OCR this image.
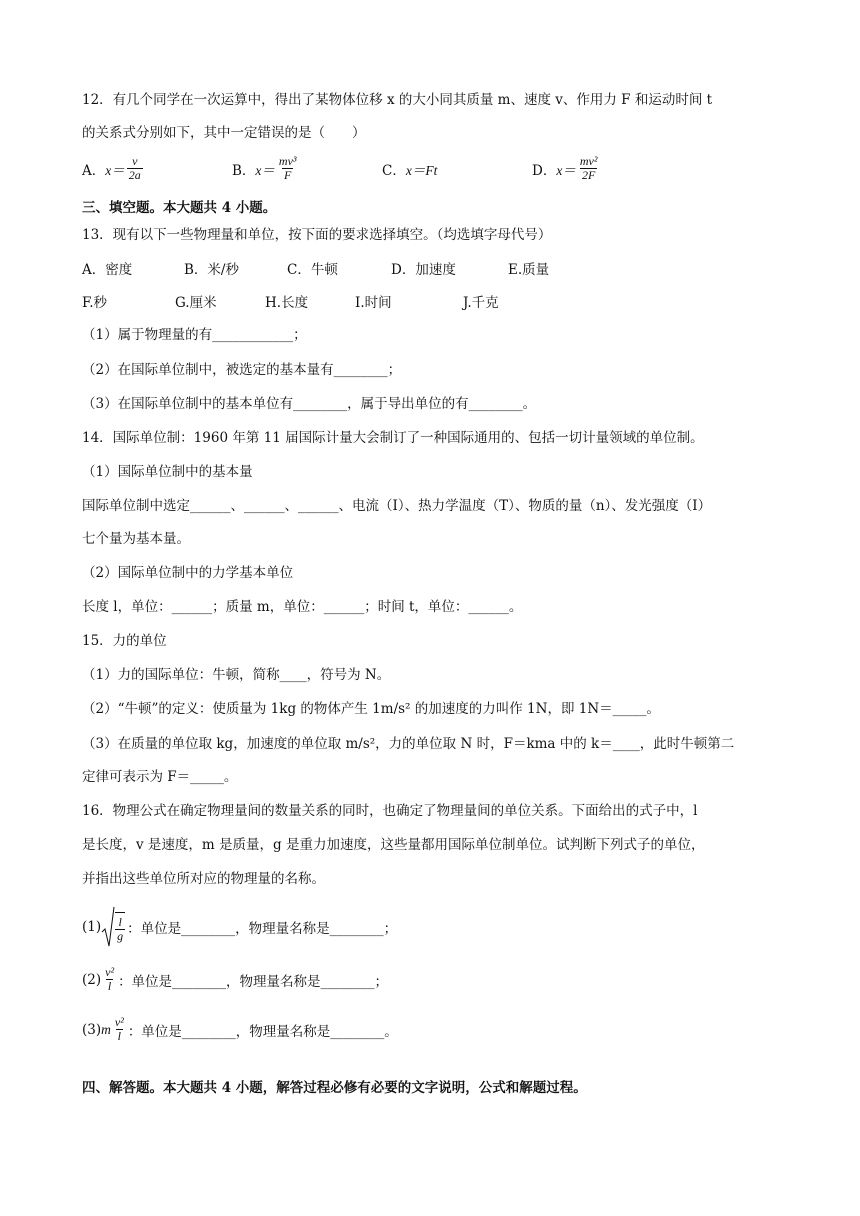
12．有几个同学在一次运算中，得出了某物体位移 x 的大小同其质量 m、速度 v、作用力 F 和运动时间 t
的关系式分别如下，其中一定错误的是（　　）
A． $x= \frac{v}{2a}$	B． $x= \frac{\text{mv³}}{F}$	C． x＝Ft	D． $x= \frac{\text{mv²}}{2F}$
三、填空题。本大题共 4 小题。
13．现有以下一些物理量和单位，按下面的要求选择填空。（均选填字母代号）
A．密度	B．米/秒	C．牛顿	D．加速度	E.质量
F.秒	G.厘米	H.长度	I.时间	J.千克
（1）属于物理量的有____________；
（2）在国际单位制中，被选定的基本量有________；
（3）在国际单位制中的基本单位有________，属于导出单位的有________。
14．国际单位制：1960 年第 11 届国际计量大会制订了一种国际通用的、包括一切计量领域的单位制。
（1）国际单位制中的基本量
国际单位制中选定______、______、______、电流（I）、热力学温度（T）、物质的量（n）、发光强度（I）
七个量为基本量。
（2）国际单位制中的力学基本单位
长度 l，单位：______；质量 m，单位：______；时间 t，单位：______。
15．力的单位
（1）力的国际单位：牛顿，简称____，符号为 N。
（2）“牛顿”的定义：使质量为 1kg 的物体产生 1m/s² 的加速度的力叫作 1N，即 1N＝_____。
（3）在质量的单位取 kg，加速度的单位取 m/s²，力的单位取 N 时，F＝kma 中的 k＝____，此时牛顿第二
定律可表示为 F＝_____。
16．物理公式在确定物理量间的数量关系的同时，也确定了物理量间的单位关系。下面给出的式子中，l
是长度，v 是速度，m 是质量，g 是重力加速度，这些量都用国际单位制单位。试判断下列式子的单位，
并指出这些单位所对应的物理量的名称。
$(1) \frac{l}{g}$ ：单位是________，物理量名称是________；
$(2) \frac{\text{v²}}{l}$ ：单位是________，物理量名称是________；
(3) m $\frac{\text{v²}}{l}$ ：单位是________，物理量名称是________。
四、解答题。本大题共 4 小题，解答过程必修有必要的文字说明，公式和解题过程。
